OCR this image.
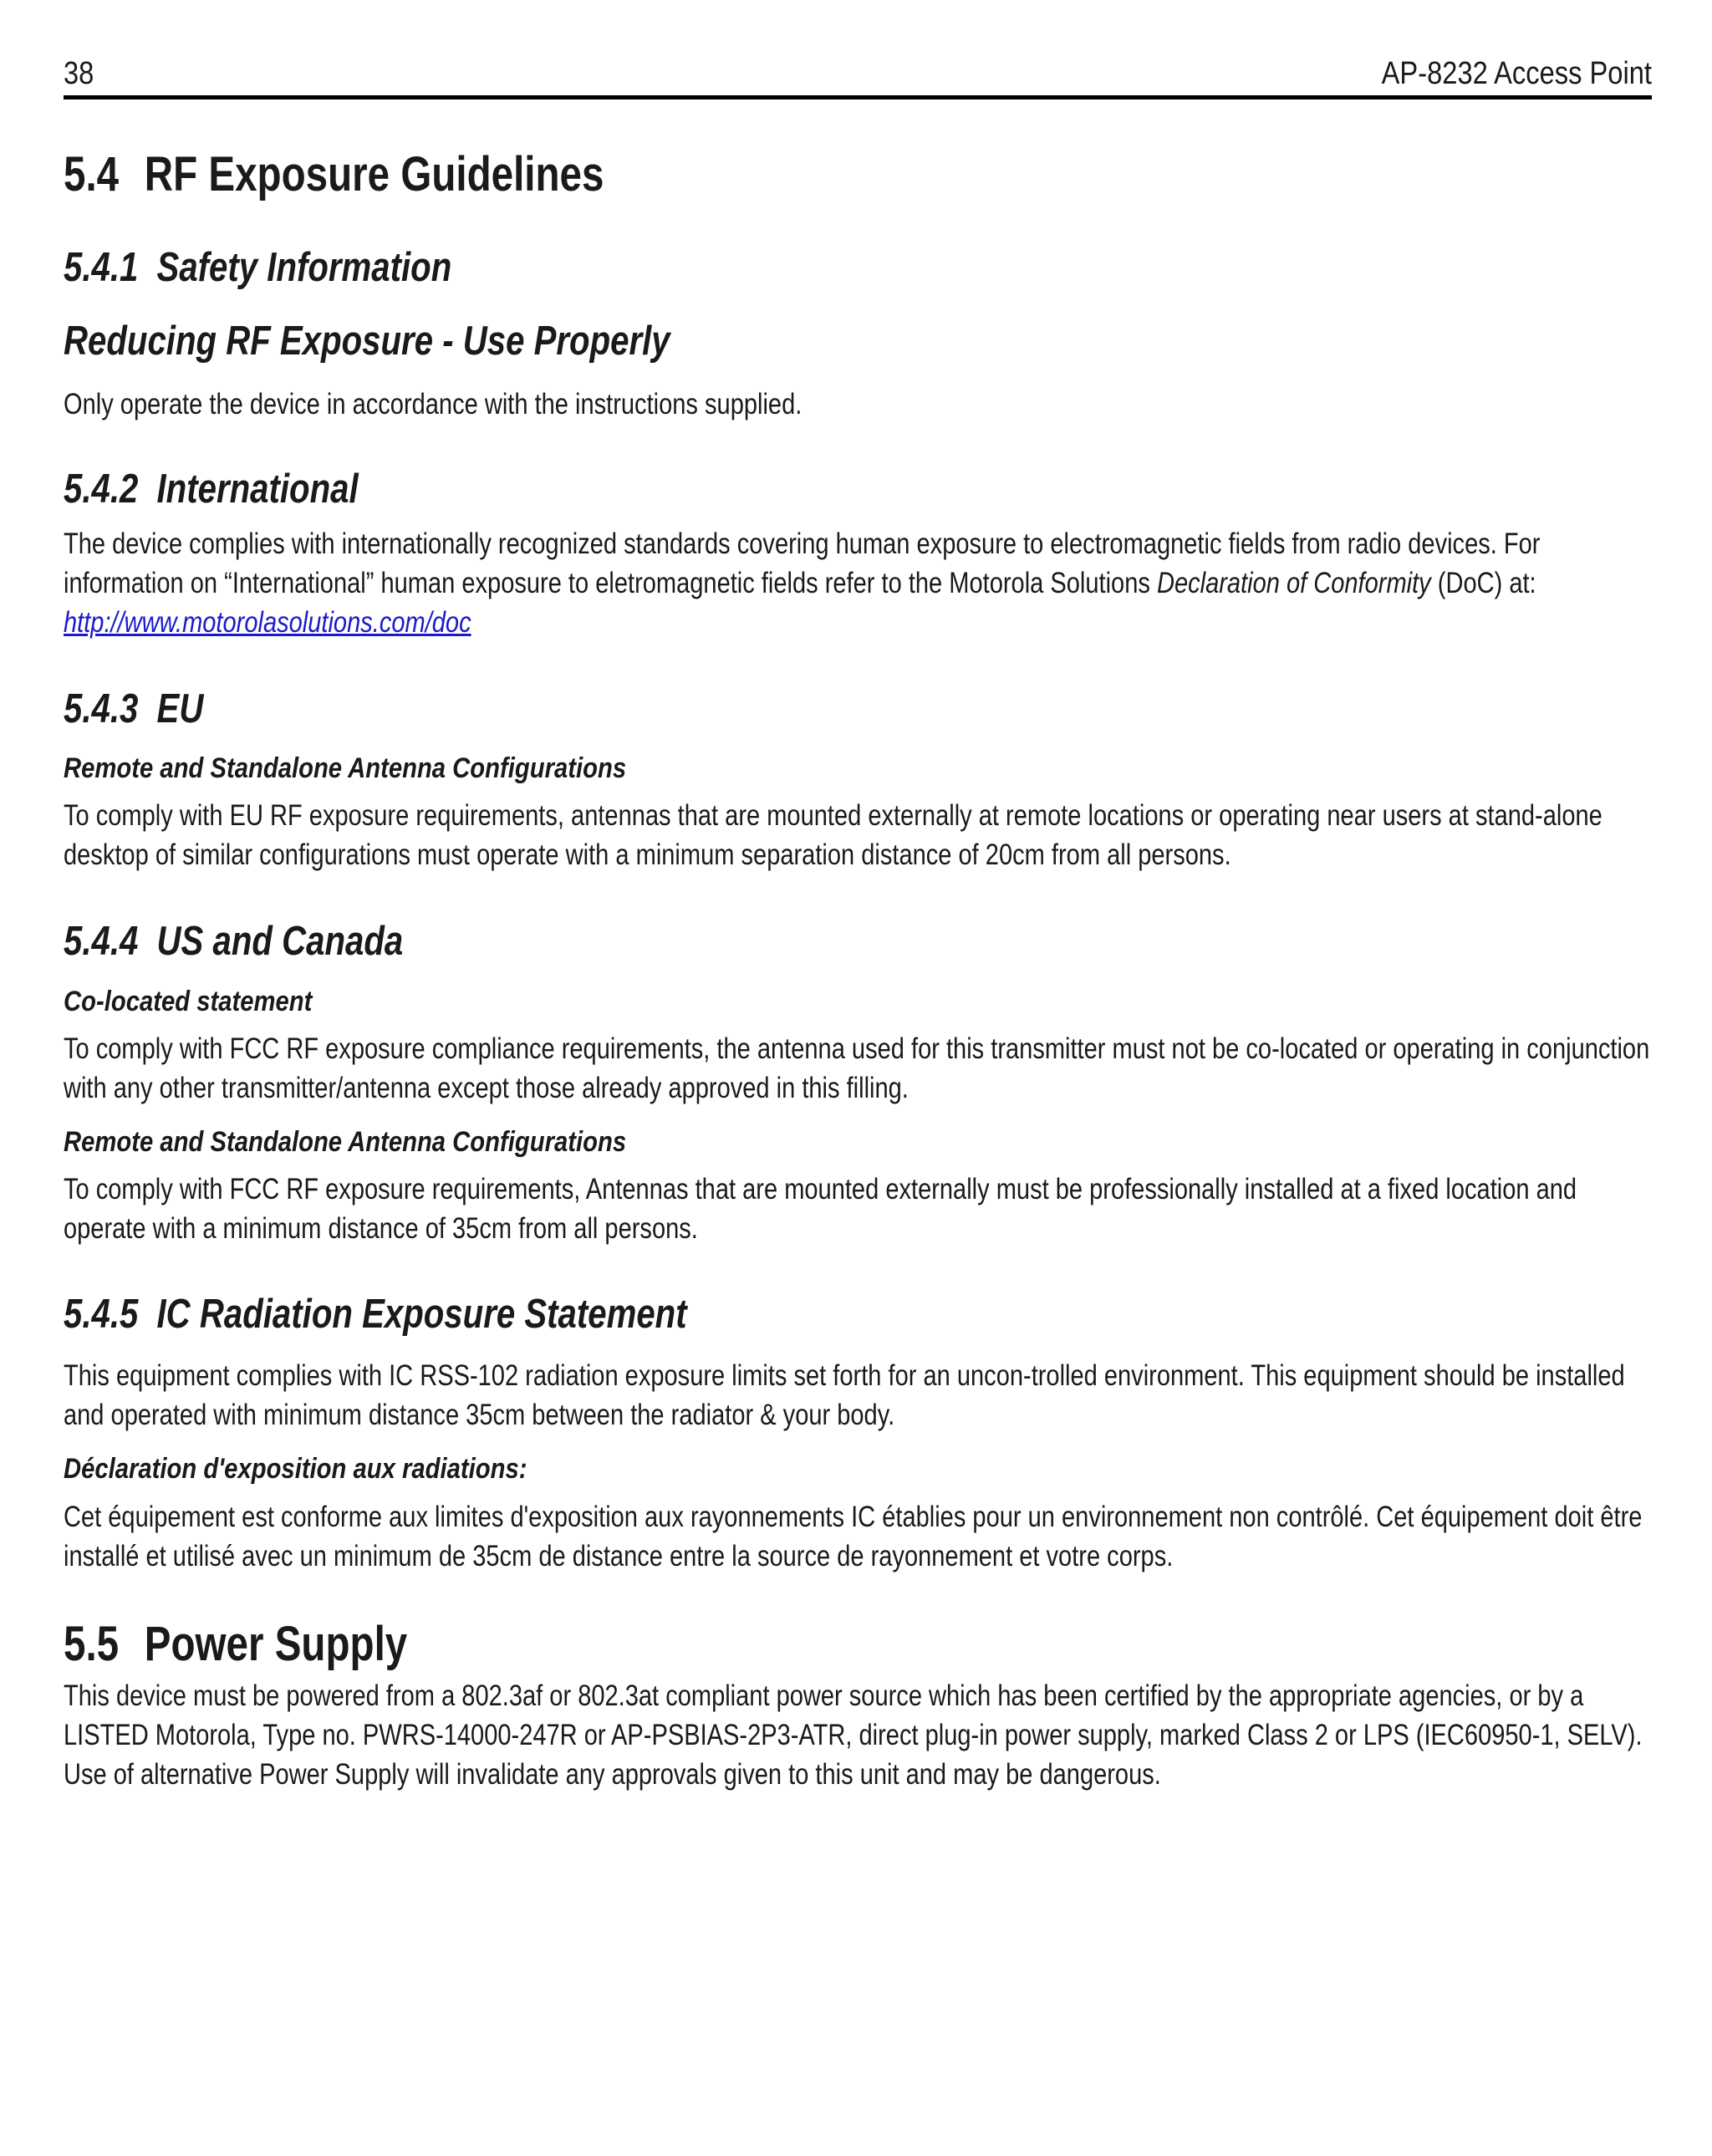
38	AP-8232 Access Point
5.4 RF Exposure Guidelines
5.4.1 Safety Information
Reducing RF Exposure - Use Properly
Only operate the device in accordance with the instructions supplied.
5.4.2 International
The device complies with internationally recognized standards covering human exposure to electromagnetic fields from radio devices. For information on “International” human exposure to eletromagnetic fields refer to the Motorola Solutions Declaration of Conformity (DoC) at: http://www.motorolasolutions.com/doc
5.4.3 EU
Remote and Standalone Antenna Configurations
To comply with EU RF exposure requirements, antennas that are mounted externally at remote locations or operating near users at stand-alone desktop of similar configurations must operate with a minimum separation distance of 20cm from all persons.
5.4.4 US and Canada
Co-located statement
To comply with FCC RF exposure compliance requirements, the antenna used for this transmitter must not be co-located or operating in conjunction with any other transmitter/antenna except those already approved in this filling.
Remote and Standalone Antenna Configurations
To comply with FCC RF exposure requirements, Antennas that are mounted externally must be professionally installed at a fixed location and operate with a minimum distance of 35cm from all persons.
5.4.5 IC Radiation Exposure Statement
This equipment complies with IC RSS-102 radiation exposure limits set forth for an uncon-trolled environment. This equipment should be installed and operated with minimum distance 35cm between the radiator & your body.
Déclaration d'exposition aux radiations:
Cet équipement est conforme aux limites d'exposition aux rayonnements IC établies pour un environnement non contrôlé. Cet équipement doit être installé et utilisé avec un minimum de 35cm de distance entre la source de rayonnement et votre corps.
5.5 Power Supply
This device must be powered from a 802.3af or 802.3at compliant power source which has been certified by the appropriate agencies, or by a LISTED Motorola, Type no. PWRS-14000-247R or AP-PSBIAS-2P3-ATR, direct plug-in power supply, marked Class 2 or LPS (IEC60950-1, SELV). Use of alternative Power Supply will invalidate any approvals given to this unit and may be dangerous.
